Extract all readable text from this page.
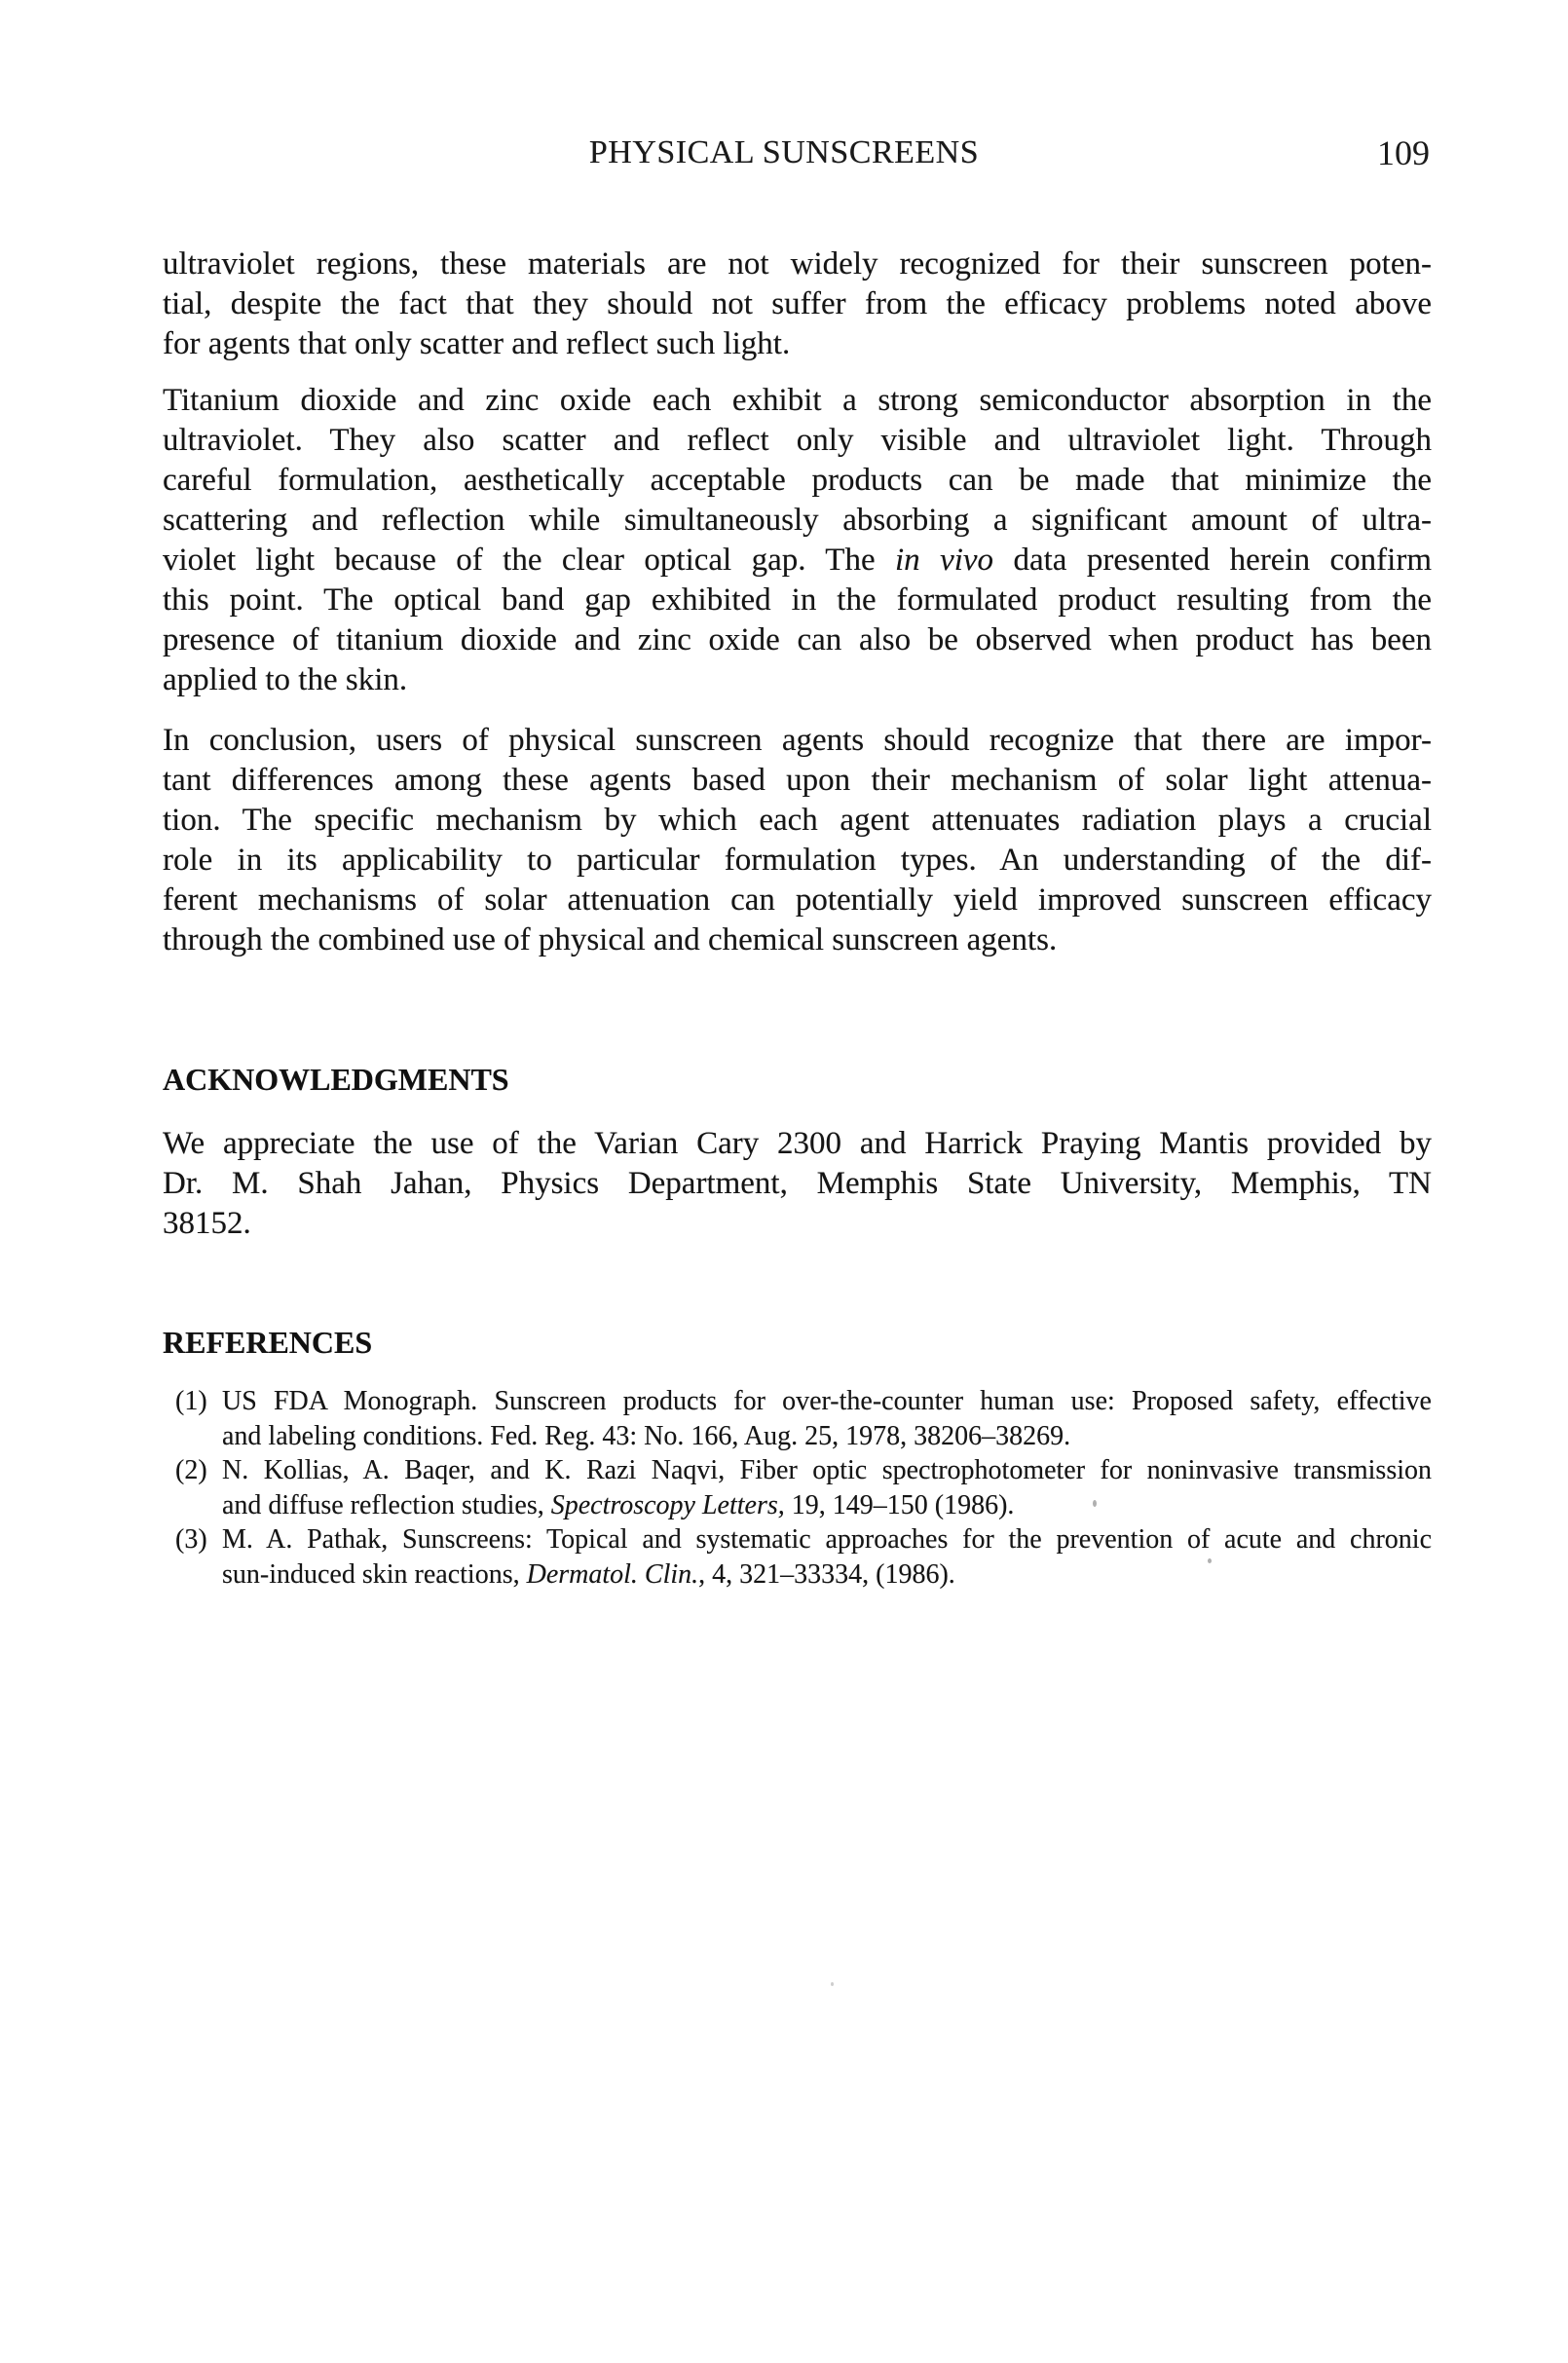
PHYSICAL SUNSCREENS	109

ultraviolet regions, these materials are not widely recognized for their sunscreen poten-
tial, despite the fact that they should not suffer from the efficacy problems noted above
for agents that only scatter and reflect such light.

Titanium dioxide and zinc oxide each exhibit a strong semiconductor absorption in the
ultraviolet. They also scatter and reflect only visible and ultraviolet light. Through
careful formulation, aesthetically acceptable products can be made that minimize the
scattering and reflection while simultaneously absorbing a significant amount of ultra-
violet light because of the clear optical gap. The in vivo data presented herein confirm
this point. The optical band gap exhibited in the formulated product resulting from the
presence of titanium dioxide and zinc oxide can also be observed when product has been
applied to the skin.

In conclusion, users of physical sunscreen agents should recognize that there are impor-
tant differences among these agents based upon their mechanism of solar light attenua-
tion. The specific mechanism by which each agent attenuates radiation plays a crucial
role in its applicability to particular formulation types. An understanding of the dif-
ferent mechanisms of solar attenuation can potentially yield improved sunscreen efficacy
through the combined use of physical and chemical sunscreen agents.

ACKNOWLEDGMENTS

We appreciate the use of the Varian Cary 2300 and Harrick Praying Mantis provided by
Dr. M. Shah Jahan, Physics Department, Memphis State University, Memphis, TN
38152.

REFERENCES
(1) US FDA Monograph. Sunscreen products for over-the-counter human use: Proposed safety, effective
and labeling conditions. Fed. Reg. 43: No. 166, Aug. 25, 1978, 38206–38269.
(2) N. Kollias, A. Baqer, and K. Razi Naqvi, Fiber optic spectrophotometer for noninvasive transmission
and diffuse reflection studies, Spectroscopy Letters, 19, 149–150 (1986).
(3) M. A. Pathak, Sunscreens: Topical and systematic approaches for the prevention of acute and chronic
sun-induced skin reactions, Dermatol. Clin., 4, 321–33334, (1986).
